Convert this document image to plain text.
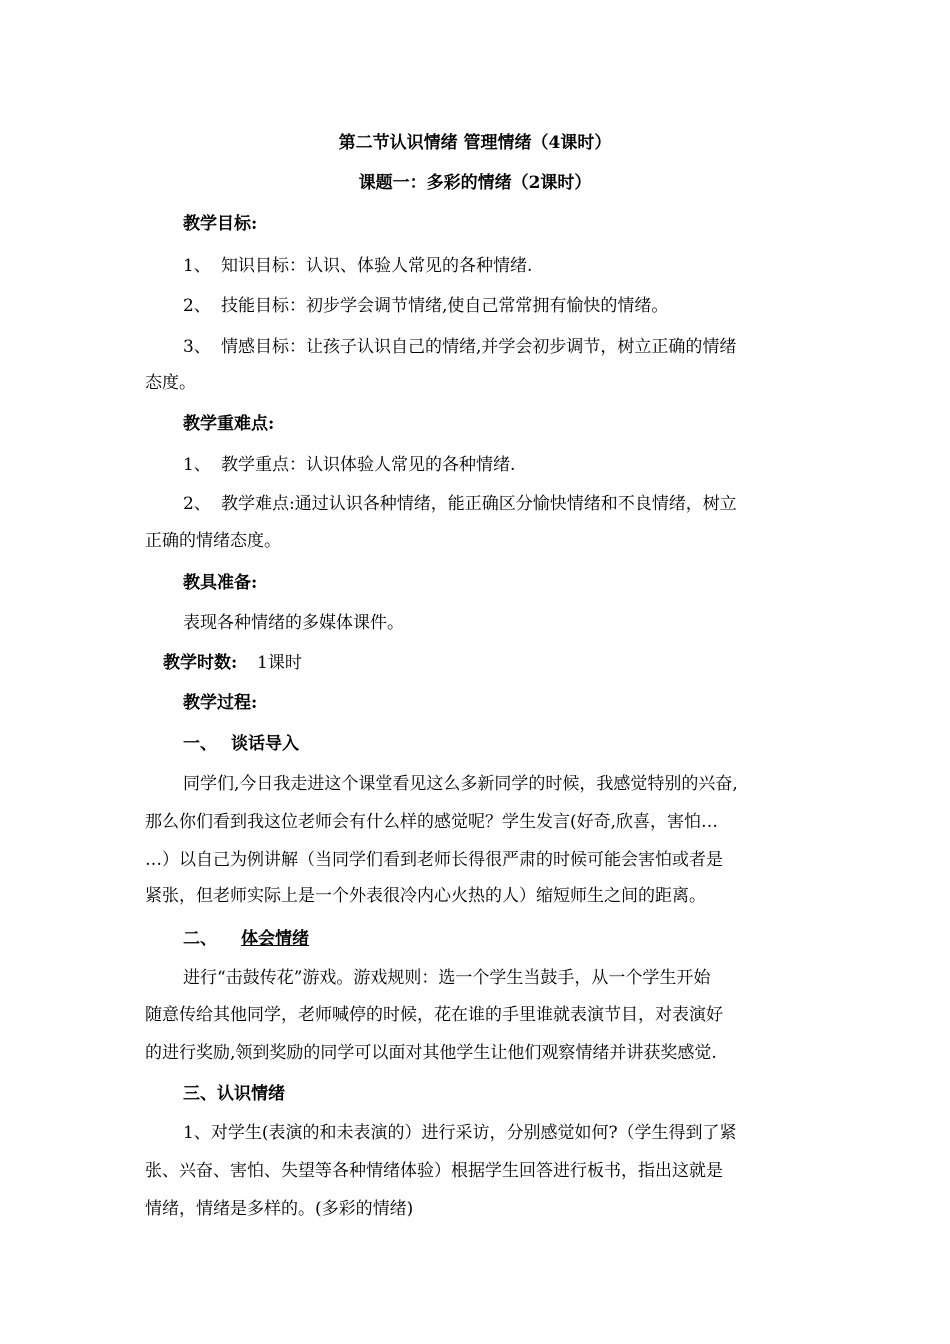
第二节认识情绪 管理情绪（4课时）
课题一：多彩的情绪（2课时）
教学目标:
1、 知识目标：认识、体验人常见的各种情绪.
2、 技能目标：初步学会调节情绪,使自己常常拥有愉快的情绪。
3、 情感目标：让孩子认识自己的情绪,并学会初步调节，树立正确的情绪
态度。
教学重难点:
1、 教学重点：认识体验人常见的各种情绪.
2、 教学难点:通过认识各种情绪，能正确区分愉快情绪和不良情绪，树立
正确的情绪态度。
教具准备:
表现各种情绪的多媒体课件。
教学时数: 1课时
教学过程:
一、 谈话导入
同学们,今日我走进这个课堂看见这么多新同学的时候，我感觉特别的兴奋,
那么你们看到我这位老师会有什么样的感觉呢？学生发言(好奇,欣喜，害怕…
…）以自己为例讲解（当同学们看到老师长得很严肃的时候可能会害怕或者是
紧张，但老师实际上是一个外表很冷内心火热的人）缩短师生之间的距离。
二、 体会情绪
进行“击鼓传花”游戏。游戏规则：选一个学生当鼓手，从一个学生开始
随意传给其他同学，老师喊停的时候，花在谁的手里谁就表演节目，对表演好
的进行奖励,领到奖励的同学可以面对其他学生让他们观察情绪并讲获奖感觉.
三、认识情绪
1、对学生(表演的和未表演的）进行采访，分别感觉如何?（学生得到了紧
张、兴奋、害怕、失望等各种情绪体验）根据学生回答进行板书，指出这就是
情绪，情绪是多样的。(多彩的情绪)
